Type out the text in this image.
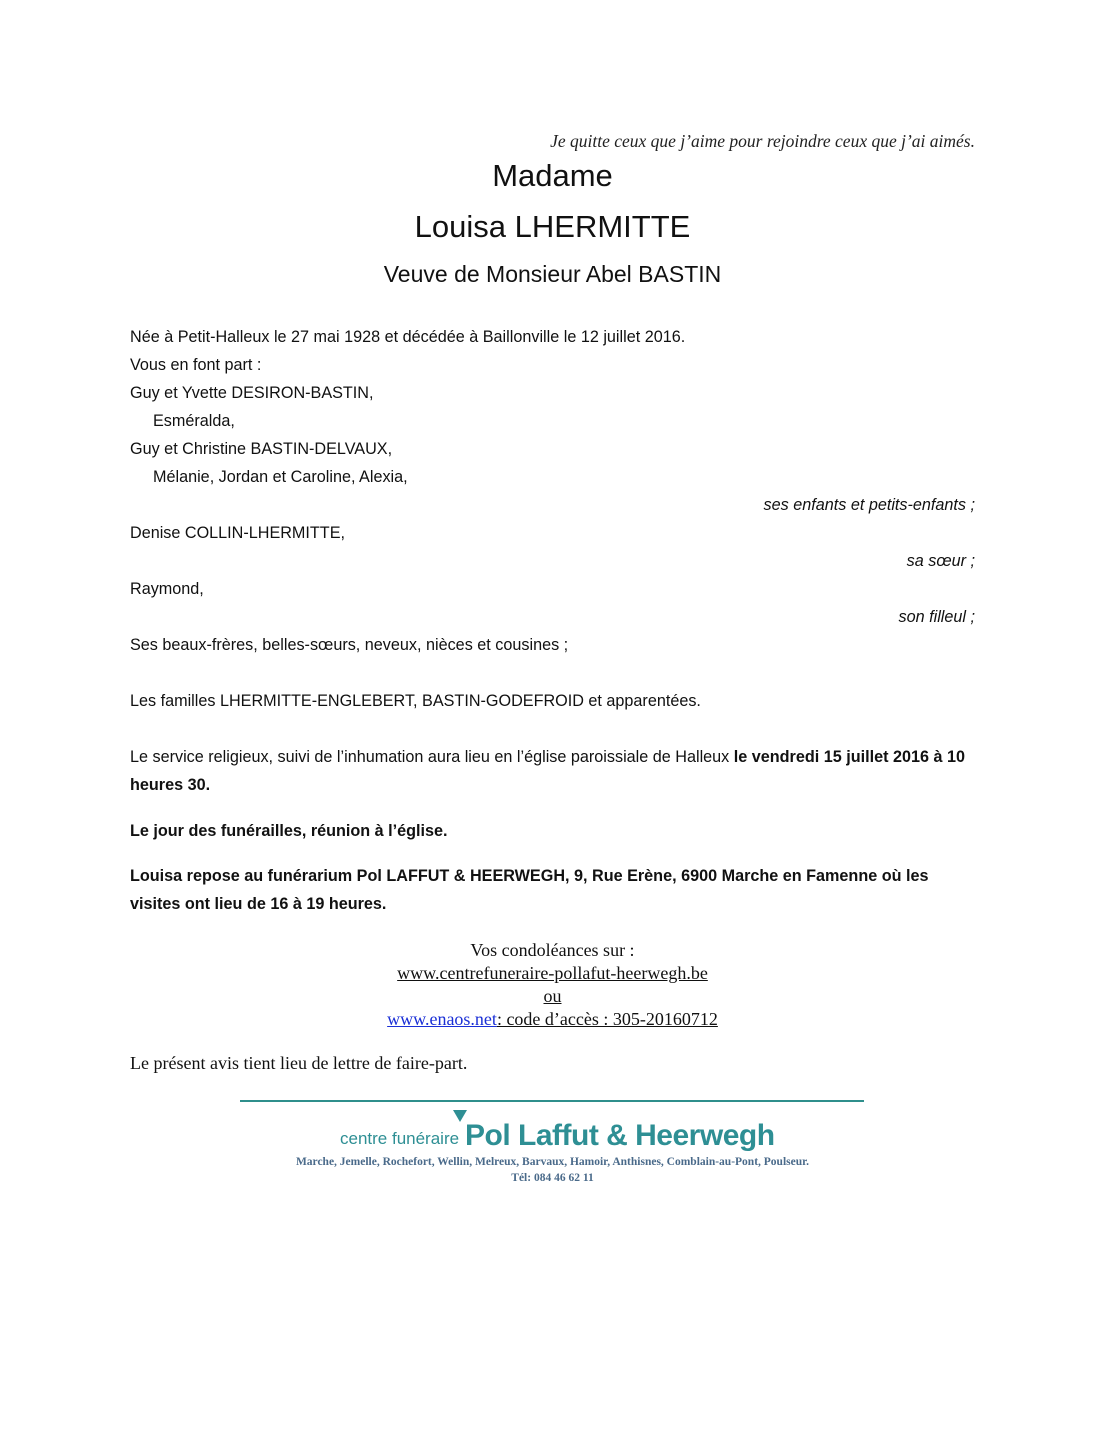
Je quitte ceux que j’aime pour rejoindre ceux que j’ai aimés.
Madame
Louisa LHERMITTE
Veuve de Monsieur Abel BASTIN
Née à Petit-Halleux le 27 mai 1928 et décédée à Baillonville le 12 juillet 2016.
Vous en font part :
Guy et Yvette DESIRON-BASTIN,
Esméralda,
Guy et Christine BASTIN-DELVAUX,
Mélanie, Jordan et Caroline, Alexia,
ses enfants et petits-enfants ;
Denise COLLIN-LHERMITTE,
sa sœur ;
Raymond,
son filleul ;
Ses beaux-frères, belles-sœurs, neveux, nièces et cousines ;
Les familles LHERMITTE-ENGLEBERT, BASTIN-GODEFROID et apparentées.
Le service religieux, suivi de l’inhumation aura lieu en l’église paroissiale de Halleux le vendredi 15 juillet 2016 à 10 heures 30.
Le jour des funérailles, réunion à l’église.
Louisa repose au funérarium Pol LAFFUT & HEERWEGH, 9, Rue Erène, 6900 Marche en Famenne où les visites ont lieu de 16 à 19 heures.
Vos condoléances sur :
www.centrefuneraire-pollafut-heerwegh.be
ou
www.enaos.net: code d’accès : 305-20160712
Le présent avis tient lieu de lettre de faire-part.
centre funéraire Pol Laffut & Heerwegh
Marche, Jemelle, Rochefort, Wellin, Melreux, Barvaux, Hamoir, Anthisnes, Comblain-au-Pont, Poulseur.
Tél: 084 46 62 11
